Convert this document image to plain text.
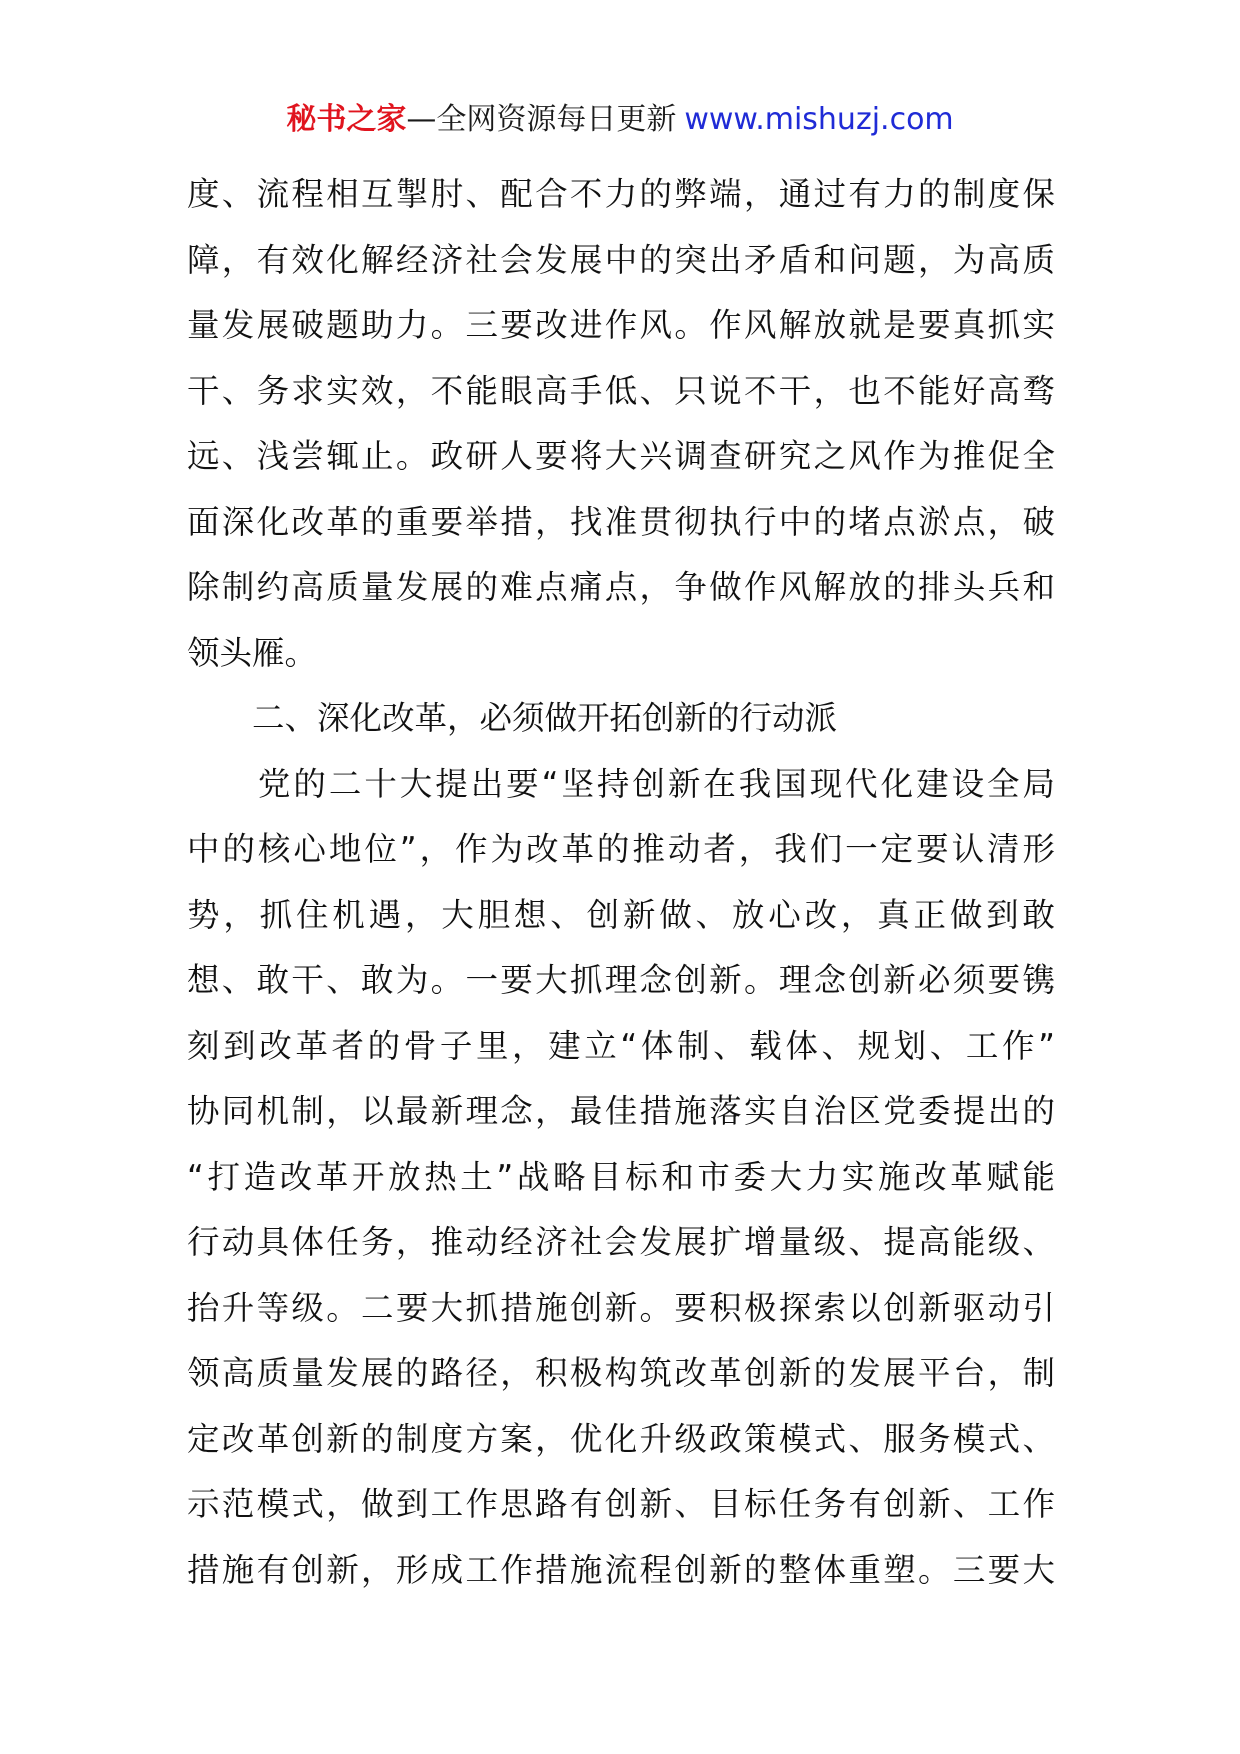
秘书之家—全网资源每日更新 www.mishuzj.com
度、流程相互掣肘、配合不力的弊端，通过有力的制度保
障，有效化解经济社会发展中的突出矛盾和问题，为高质
量发展破题助力。三要改进作风。作风解放就是要真抓实
干、务求实效，不能眼高手低、只说不干，也不能好高骛
远、浅尝辄止。政研人要将大兴调查研究之风作为推促全
面深化改革的重要举措，找准贯彻执行中的堵点淤点，破
除制约高质量发展的难点痛点，争做作风解放的排头兵和
领头雁。
　　二、深化改革，必须做开拓创新的行动派
　　党的二十大提出要“坚持创新在我国现代化建设全局
中的核心地位”，作为改革的推动者，我们一定要认清形
势，抓住机遇，大胆想、创新做、放心改，真正做到敢
想、敢干、敢为。一要大抓理念创新。理念创新必须要镌
刻到改革者的骨子里，建立“体制、载体、规划、工作”
协同机制，以最新理念，最佳措施落实自治区党委提出的
“打造改革开放热土”战略目标和市委大力实施改革赋能
行动具体任务，推动经济社会发展扩增量级、提高能级、
抬升等级。二要大抓措施创新。要积极探索以创新驱动引
领高质量发展的路径，积极构筑改革创新的发展平台，制
定改革创新的制度方案，优化升级政策模式、服务模式、
示范模式，做到工作思路有创新、目标任务有创新、工作
措施有创新，形成工作措施流程创新的整体重塑。三要大
